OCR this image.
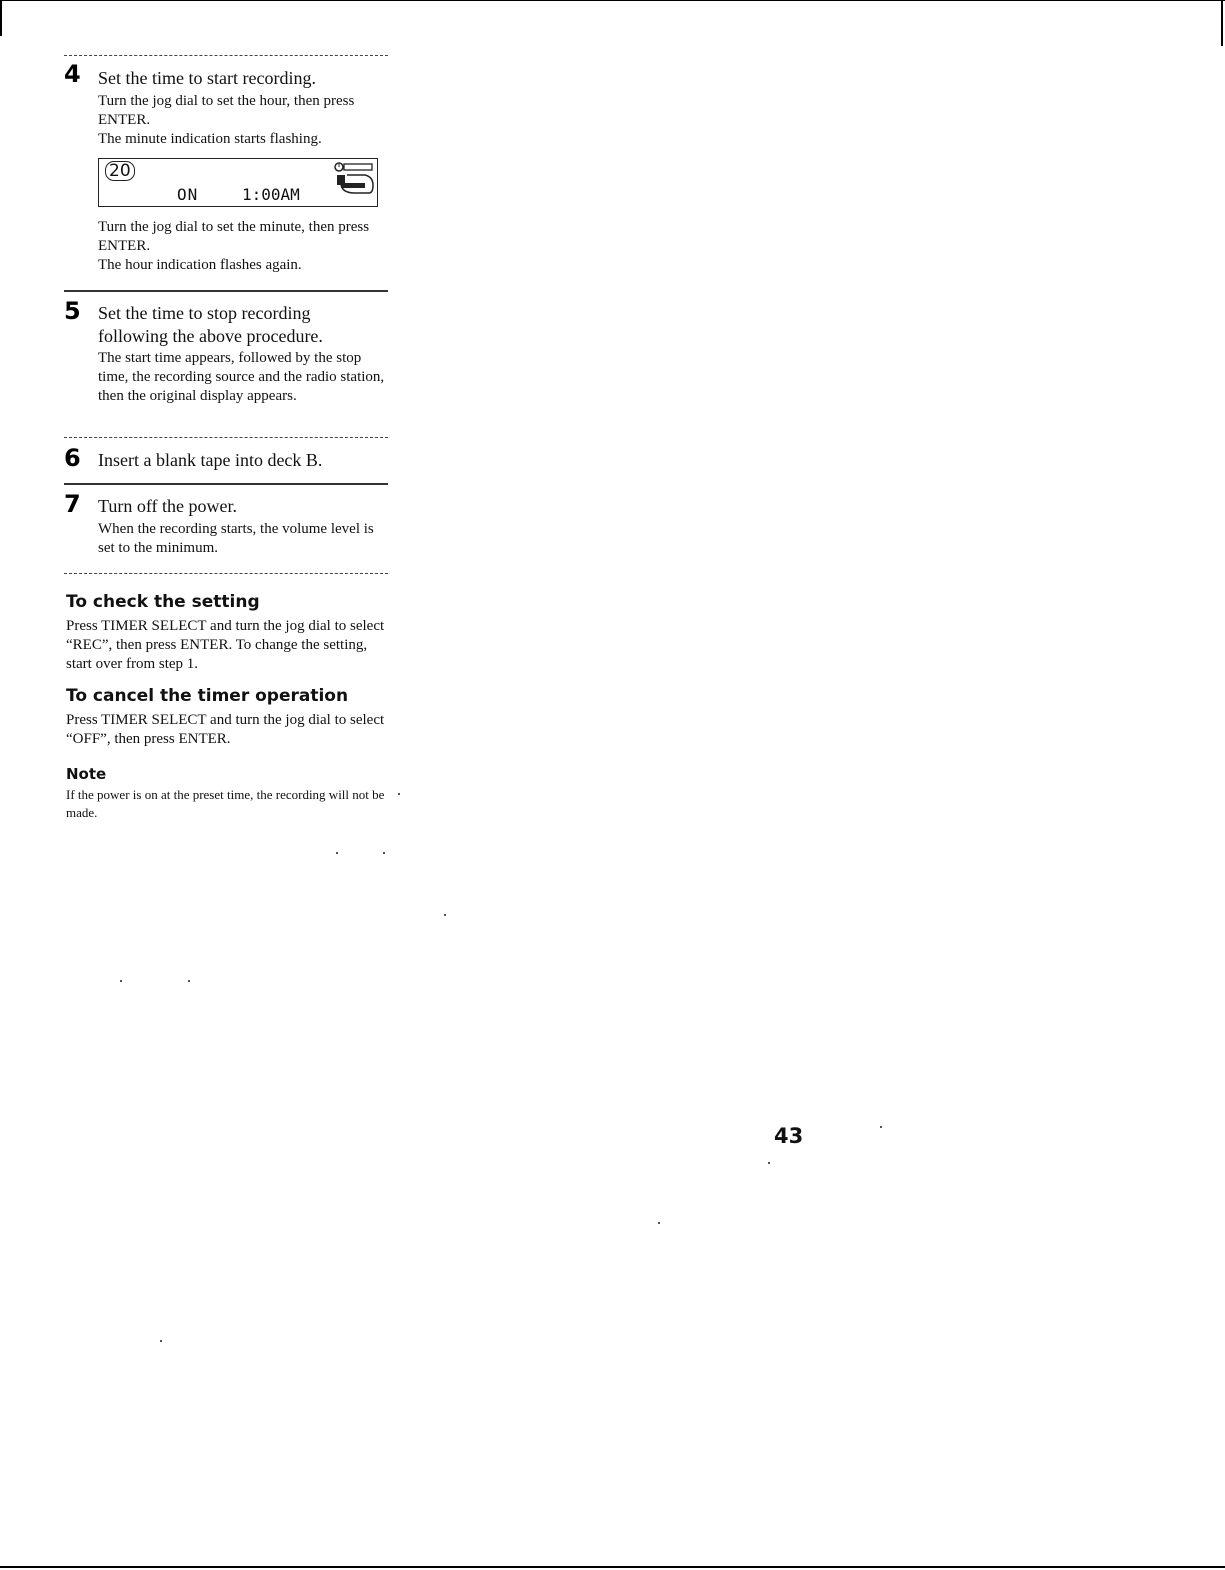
4 Set the time to start recording.

Turn the jog dial to set the hour, then press ENTER.

The minute indication starts flashing.

20
ON	1:00AM

Turn the jog dial to set the minute, then press ENTER.

The hour indication flashes again.

5 Set the time to stop recording following the above procedure.

The start time appears, followed by the stop time, the recording source and the radio station, then the original display appears.

6 Insert a blank tape into deck B.
7 Turn off the power.

When the recording starts, the volume level is set to the minimum.

To check the setting
Press TIMER SELECT and turn the jog dial to select “REC”, then press ENTER. To change the setting, start over from step 1.
To cancel the timer operation
Press TIMER SELECT and turn the jog dial to select “OFF”, then press ENTER.
Note
If the power is on at the preset time, the recording will not be made.
43
